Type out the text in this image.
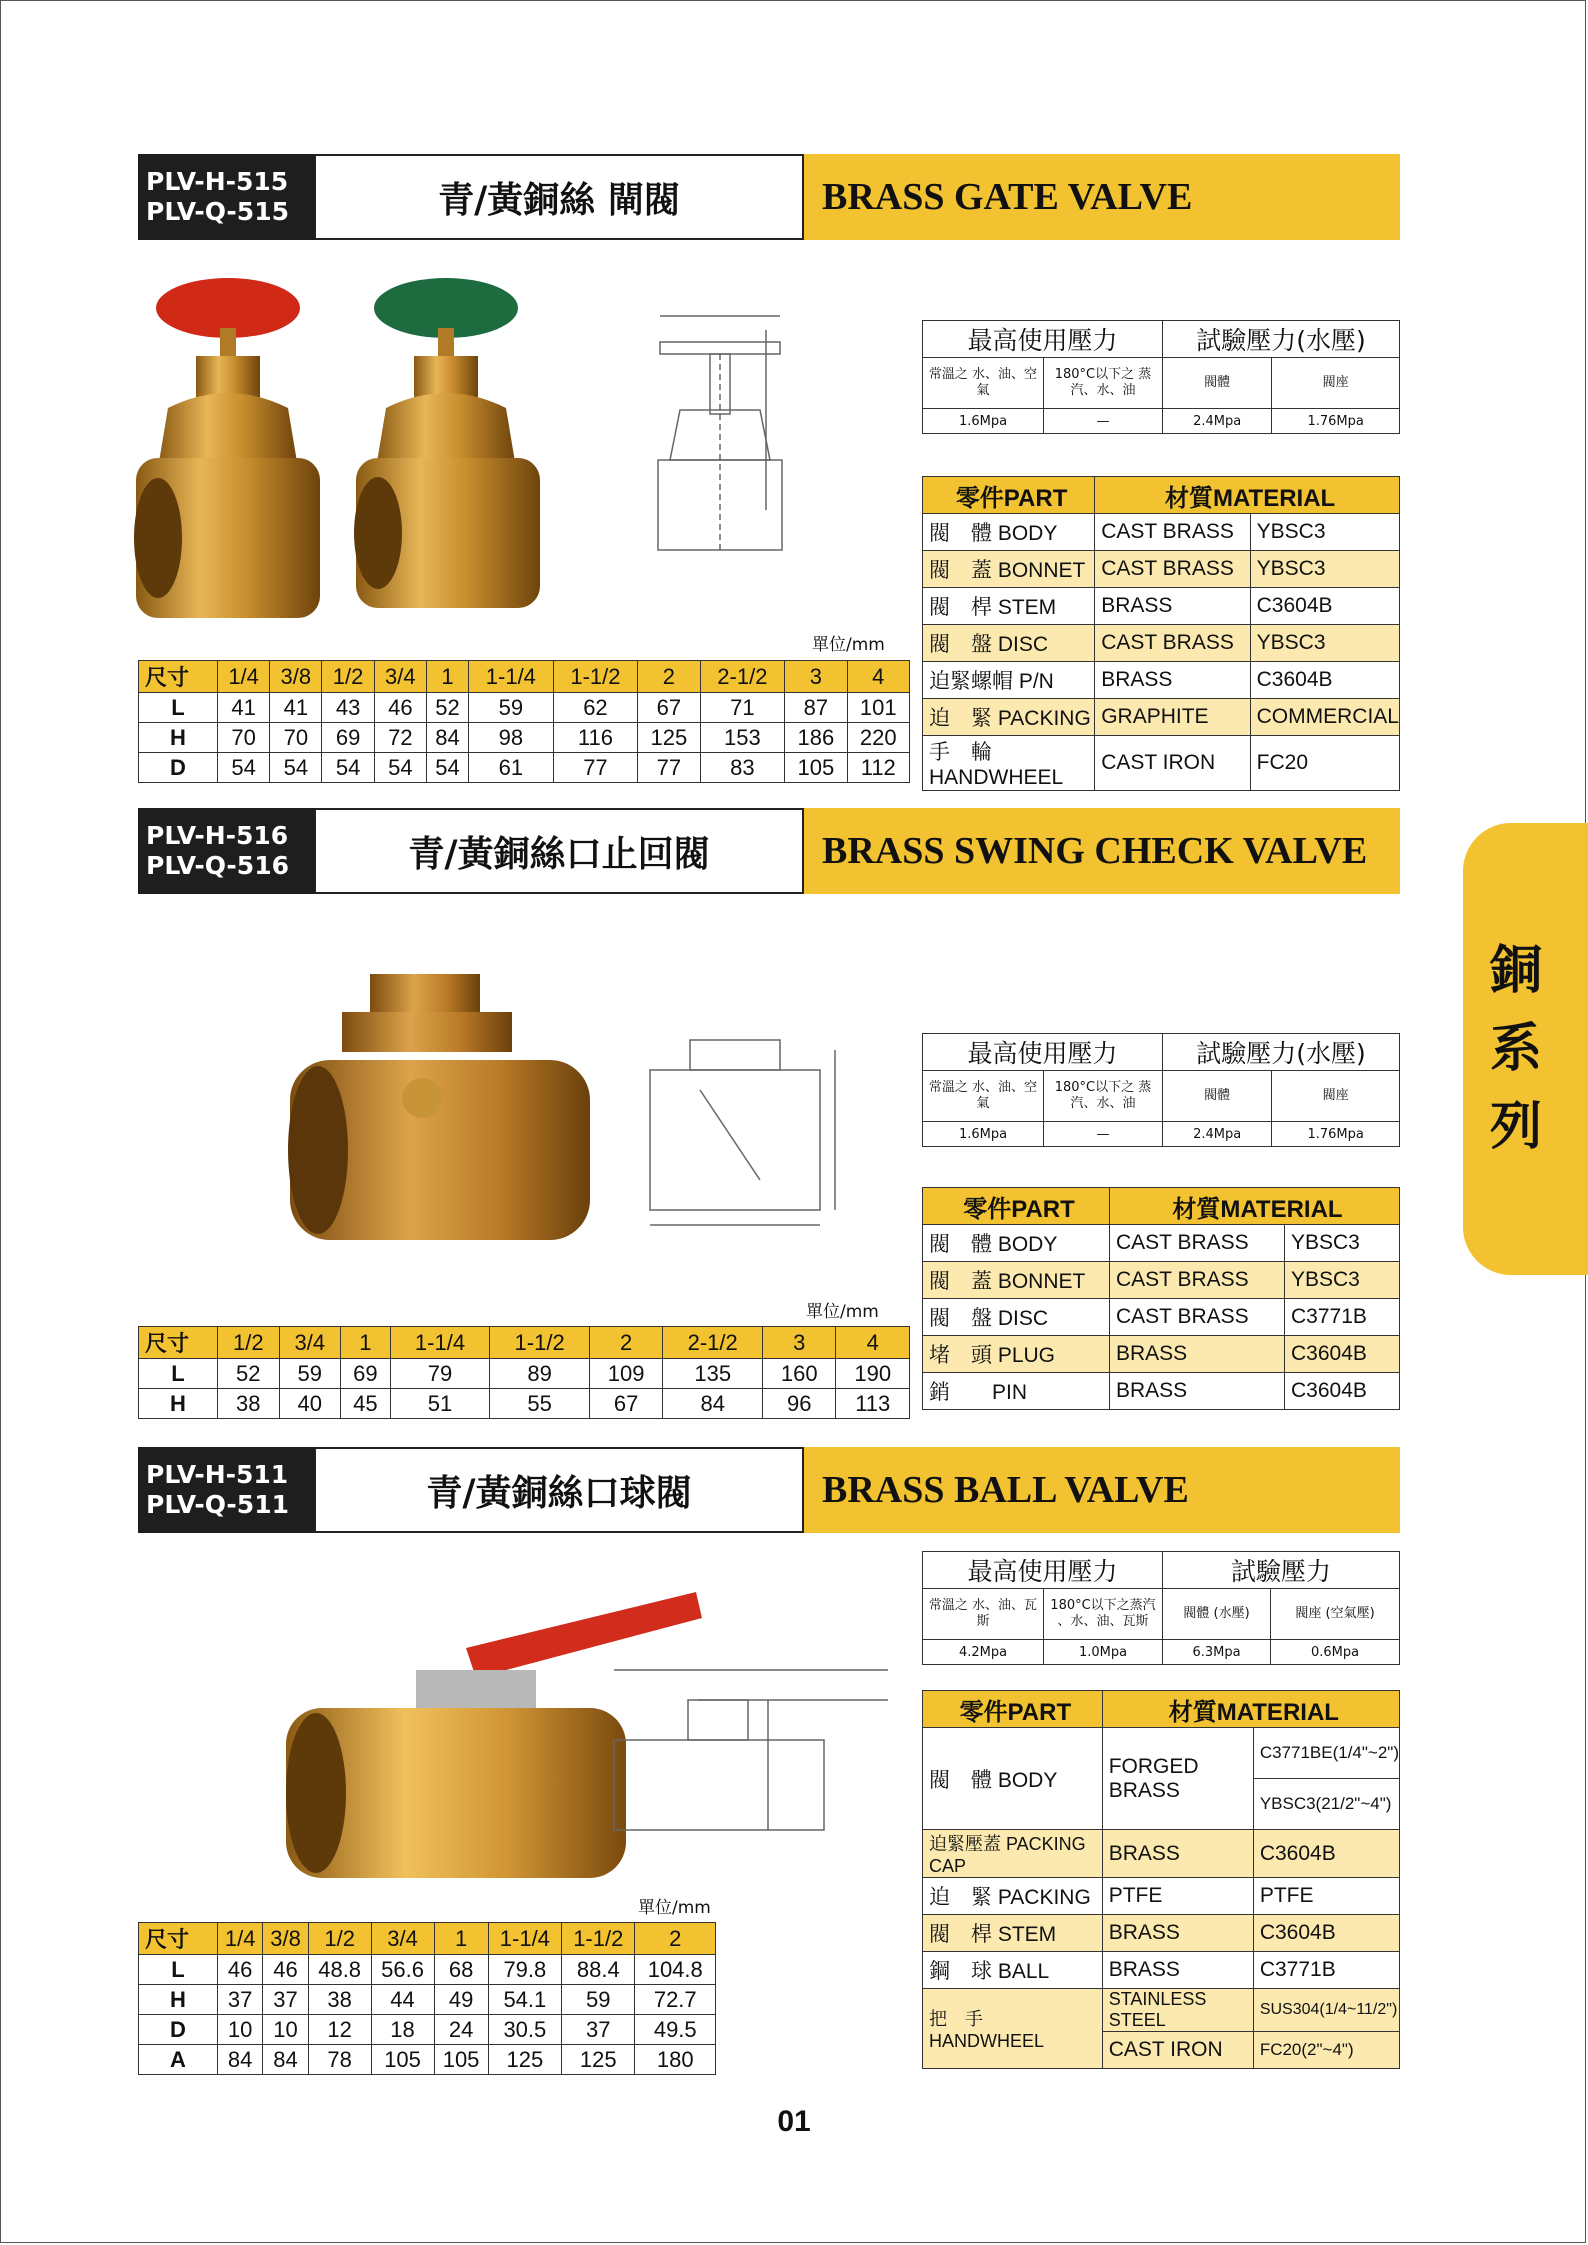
PLV-H-515
PLV-Q-515	青/黃銅絲 閘閥	BRASS GATE VALVE
最高使用壓力		試驗壓力(水壓)	
常溫之 水、油、空氣	180°C以下之 蒸汽、水、油	閥體	閥座
1.6Mpa	—	2.4Mpa	1.76Mpa
零件PART	材質MATERIAL	
閥　體 BODY	CAST BRASS	YBSC3
閥　蓋 BONNET	CAST BRASS	YBSC3
閥　桿 STEM	BRASS	C3604B
閥　盤 DISC	CAST BRASS	YBSC3
迫緊螺帽 P/N	BRASS	C3604B
迫　緊 PACKING	GRAPHITE	COMMERCIAL
手　輪 HANDWHEEL	CAST IRON	FC20
單位/mm
尺寸	1/4	3/8	1/2	3/4	1	1-1/4	1-1/2	2	2-1/2	3	4
L	41	41	43	46	52	59	62	67	71	87	101
H	70	70	69	72	84	98	116	125	153	186	220
D	54	54	54	54	54	61	77	77	83	105	112
PLV-H-516
PLV-Q-516	青/黃銅絲口止回閥	BRASS SWING CHECK VALVE
最高使用壓力		試驗壓力(水壓)	
常溫之 水、油、空氣	180°C以下之 蒸汽、水、油	閥體	閥座
1.6Mpa	—	2.4Mpa	1.76Mpa
零件PART	材質MATERIAL	
閥　體 BODY	CAST BRASS	YBSC3
閥　蓋 BONNET	CAST BRASS	YBSC3
閥　盤 DISC	CAST BRASS	C3771B
堵　頭 PLUG	BRASS	C3604B
銷　　PIN	BRASS	C3604B
單位/mm
尺寸	1/2	3/4	1	1-1/4	1-1/2	2	2-1/2	3	4
L	52	59	69	79	89	109	135	160	190
H	38	40	45	51	55	67	84	96	113
PLV-H-511
PLV-Q-511	青/黃銅絲口球閥	BRASS BALL VALVE
最高使用壓力		試驗壓力	
常溫之 水、油、瓦斯	180°C以下之蒸汽 、水、油、瓦斯	閥體 (水壓)	閥座 (空氣壓)
4.2Mpa	1.0Mpa	6.3Mpa	0.6Mpa
零件PART	材質MATERIAL	
閥　體 BODY	FORGED BRASS	C3771BE(1/4"~2")
		YBSC3(21/2"~4")
迫緊壓蓋 PACKING CAP	BRASS	C3604B
迫　緊 PACKING	PTFE	PTFE
閥　桿 STEM	BRASS	C3604B
鋼　球 BALL	BRASS	C3771B
把　手 HANDWHEEL	STAINLESS STEEL	SUS304(1/4~11/2")
	CAST IRON	FC20(2"~4")
單位/mm
尺寸	1/4	3/8	1/2	3/4	1	1-1/4	1-1/2	2
L	46	46	48.8	56.6	68	79.8	88.4	104.8
H	37	37	38	44	49	54.1	59	72.7
D	10	10	12	18	24	30.5	37	49.5
A	84	84	78	105	105	125	125	180
銅
系
列
01
